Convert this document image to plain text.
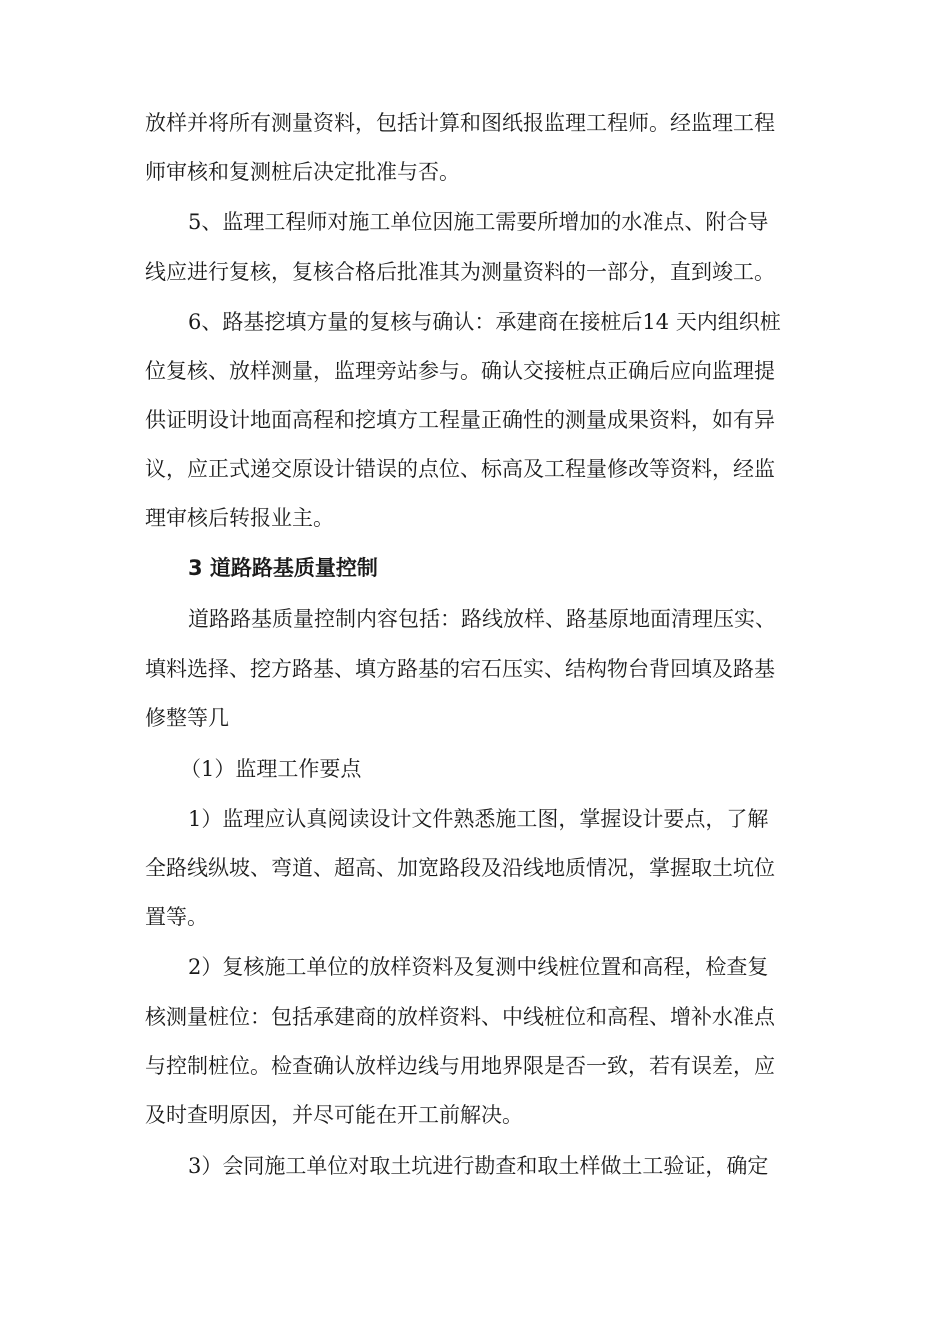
放样并将所有测量资料，包括计算和图纸报监理工程师。经监理工程
师审核和复测桩后决定批准与否。
5、监理工程师对施工单位因施工需要所增加的水准点、附合导
线应进行复核，复核合格后批准其为测量资料的一部分，直到竣工。
6、路基挖填方量的复核与确认：承建商在接桩后14 天内组织桩
位复核、放样测量，监理旁站参与。确认交接桩点正确后应向监理提
供证明设计地面高程和挖填方工程量正确性的测量成果资料，如有异
议，应正式递交原设计错误的点位、标高及工程量修改等资料，经监
理审核后转报业主。
3 道路路基质量控制
道路路基质量控制内容包括：路线放样、路基原地面清理压实、
填料选择、挖方路基、填方路基的宕石压实、结构物台背回填及路基
修整等几
（1）监理工作要点
1）监理应认真阅读设计文件熟悉施工图，掌握设计要点，了解
全路线纵坡、弯道、超高、加宽路段及沿线地质情况，掌握取土坑位
置等。
2）复核施工单位的放样资料及复测中线桩位置和高程，检查复
核测量桩位：包括承建商的放样资料、中线桩位和高程、增补水准点
与控制桩位。检查确认放样边线与用地界限是否一致，若有误差，应
及时查明原因，并尽可能在开工前解决。
3）会同施工单位对取土坑进行勘查和取土样做土工验证，确定
